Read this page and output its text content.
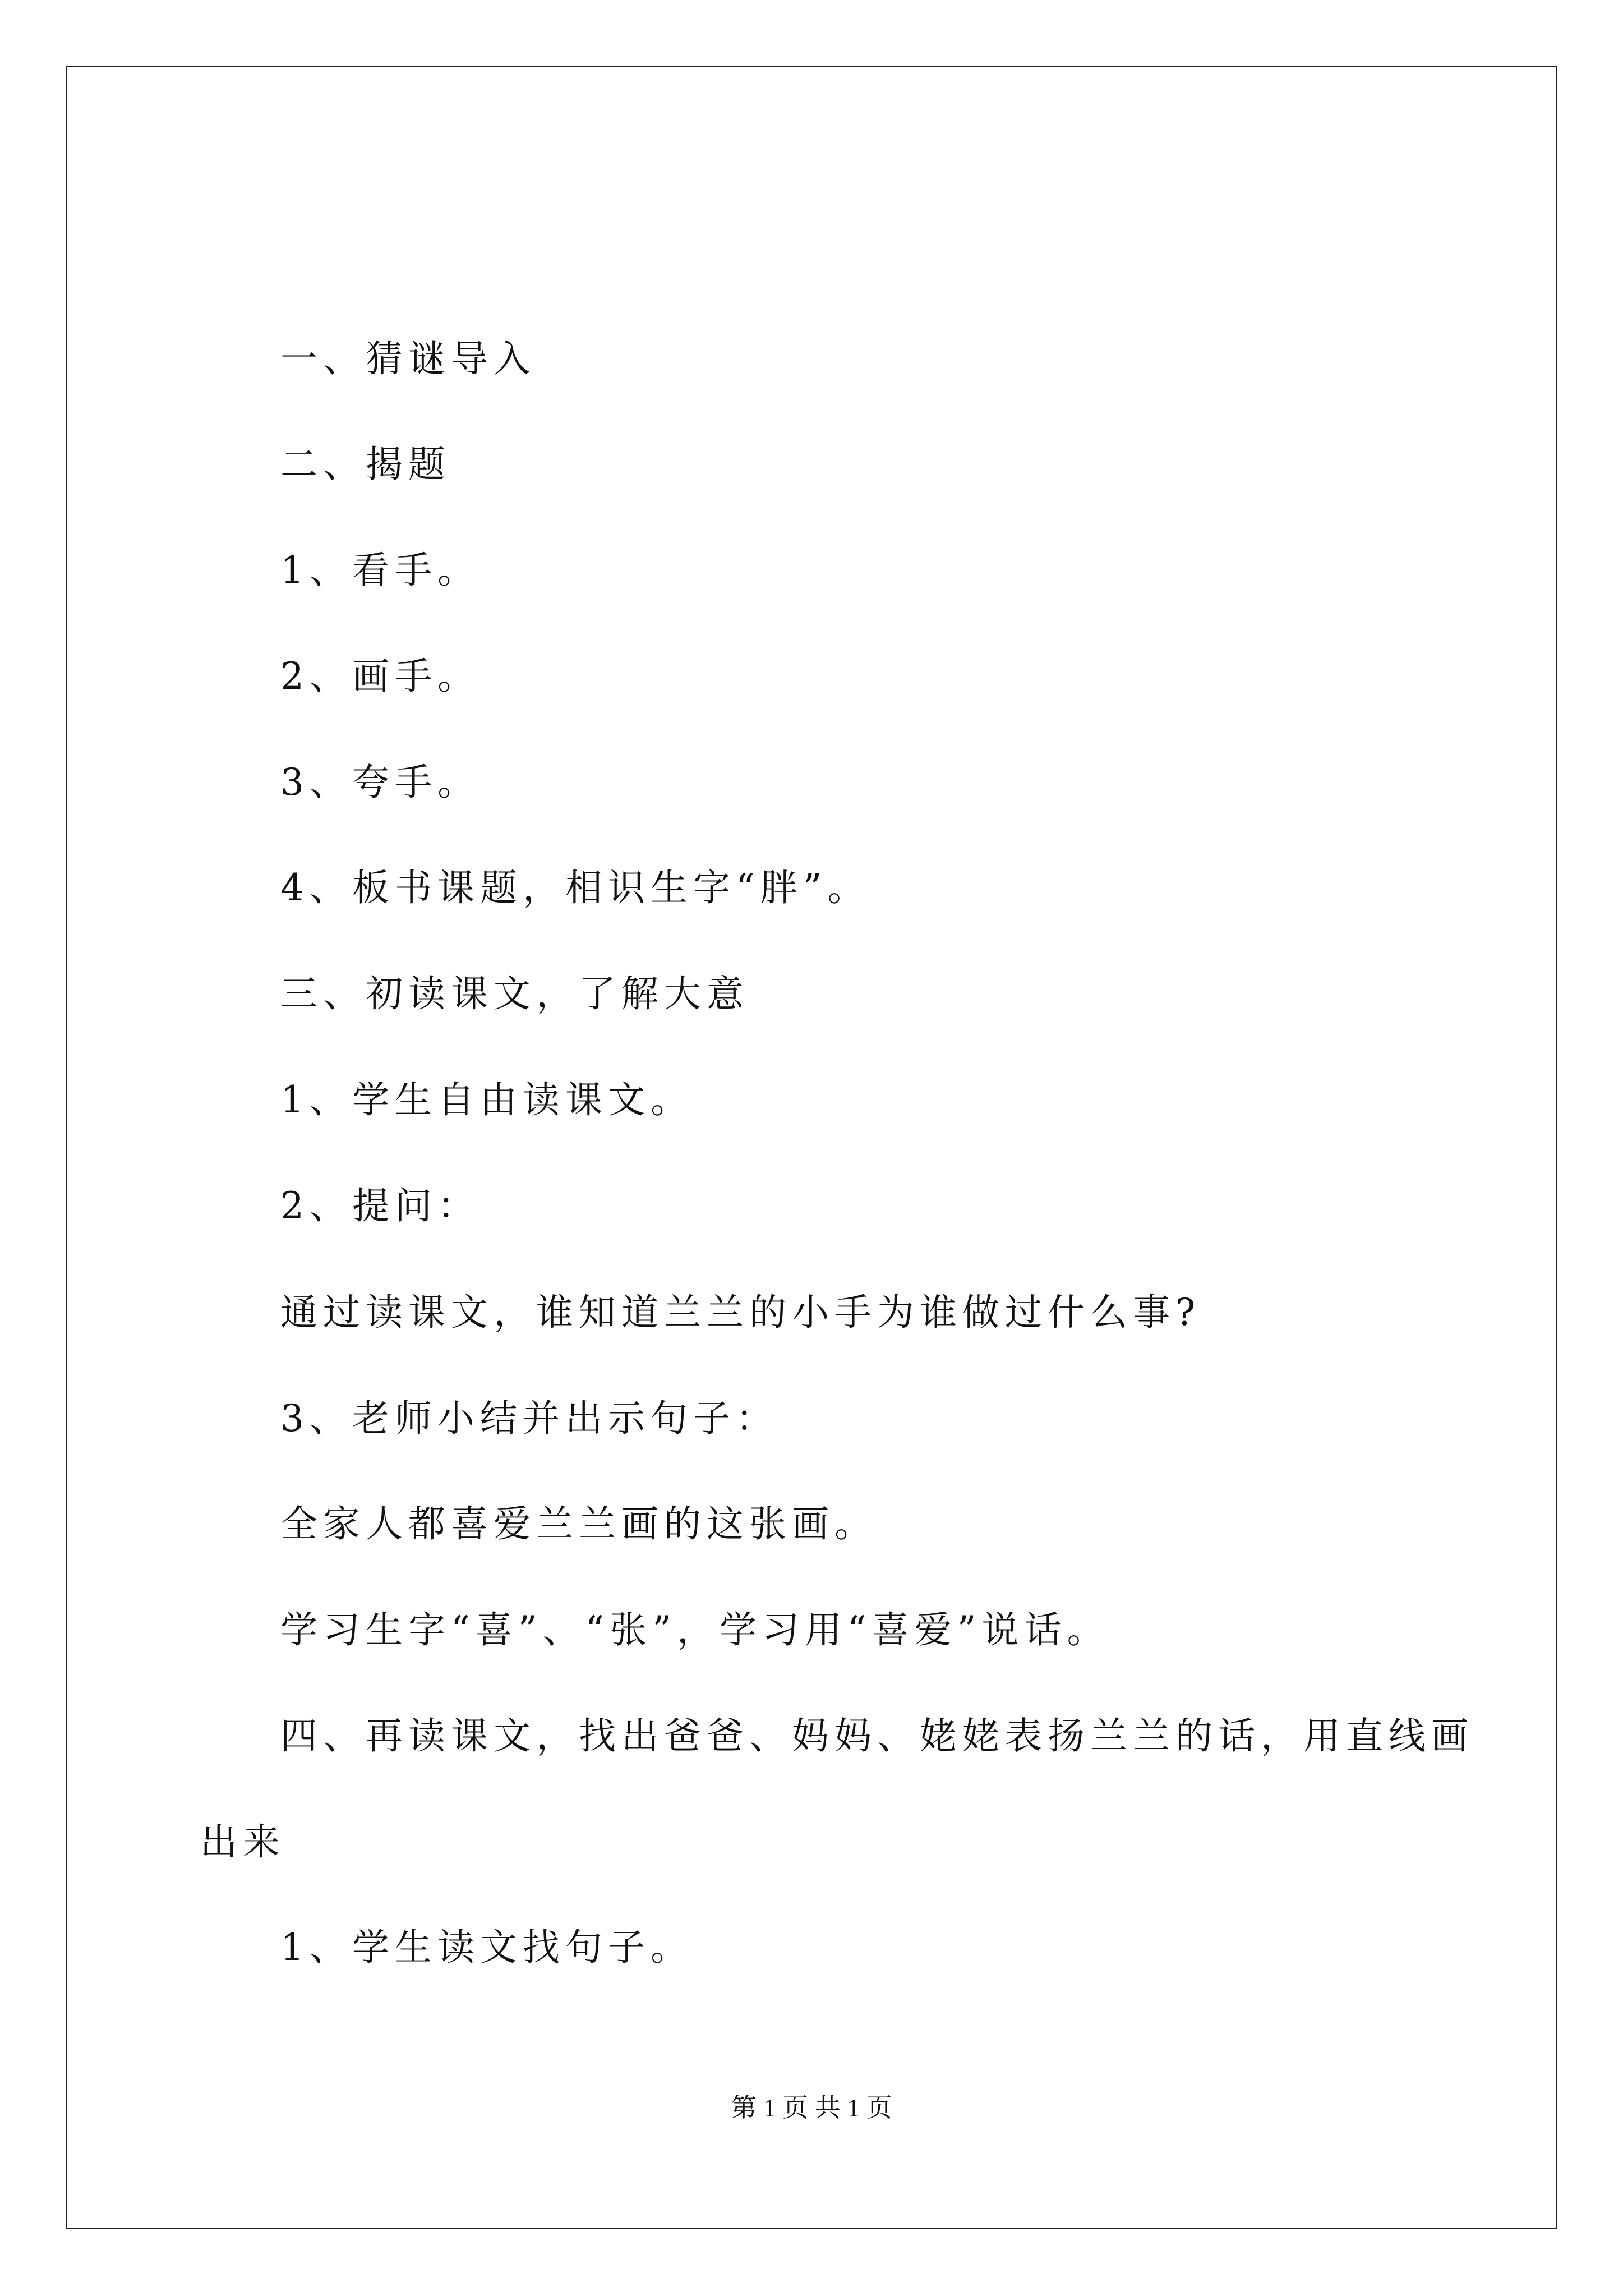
一、猜谜导入
二、揭题
1、看手。
2、画手。
3、夸手。
4、板书课题，相识生字“胖”。
三、初读课文，了解大意
1、学生自由读课文。
2、提问：
通过读课文，谁知道兰兰的小手为谁做过什么事?
3、老师小结并出示句子：
全家人都喜爱兰兰画的这张画。
学习生字“喜”、“张”，学习用“喜爱”说话。
四、再读课文，找出爸爸、妈妈、姥姥表扬兰兰的话，用直线画
出来
1、学生读文找句子。
第 1 页 共 1 页
